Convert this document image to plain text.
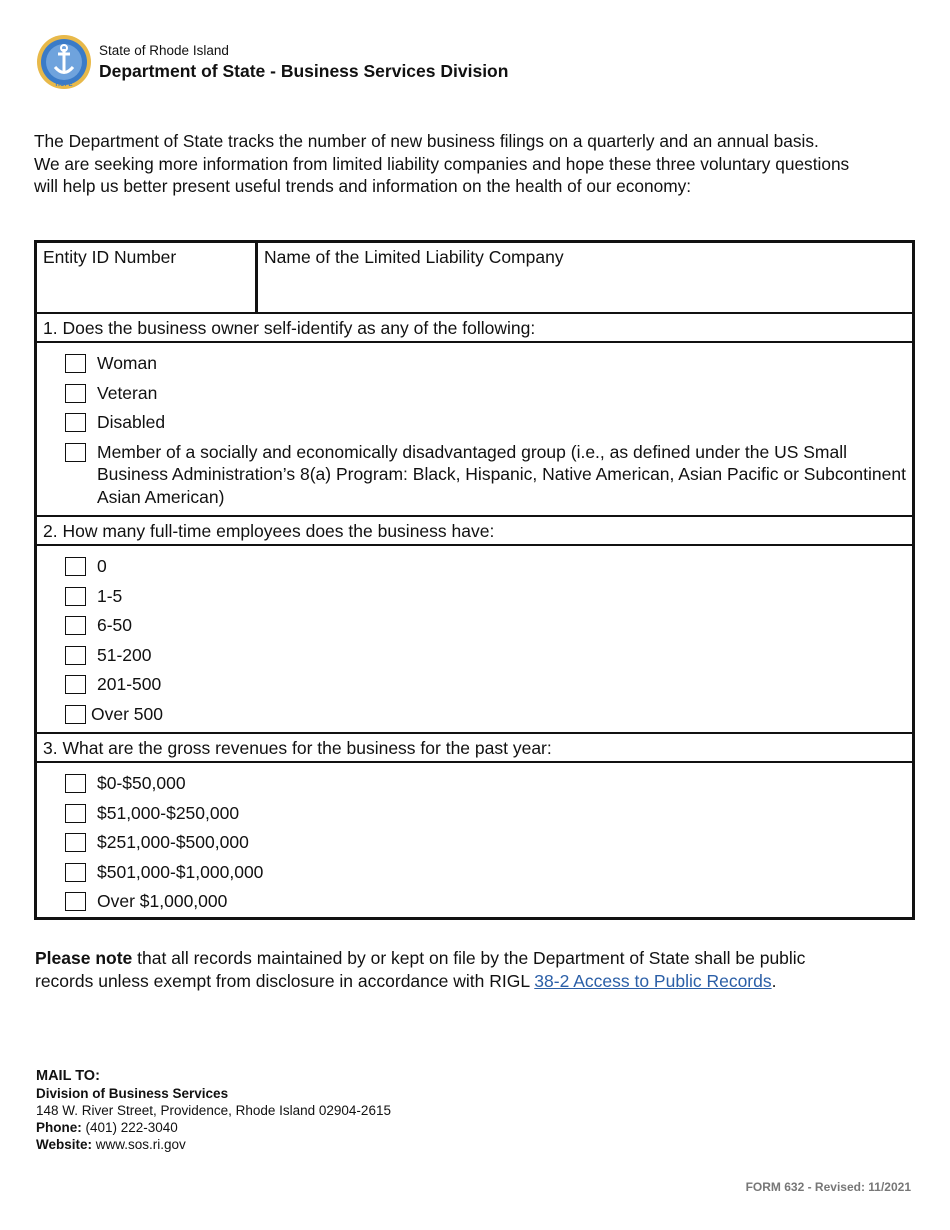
HOPE
State of Rhode Island
Department of State - Business Services Division

The Department of State tracks the number of new business filings on a quarterly and an annual basis.

We are seeking more information from limited liability companies and hope these three voluntary questions

will help us better present useful trends and information on the health of our economy:

Entity ID Number	Name of the Limited Liability Company
1. Does the business owner self-identify as any of the following:
Woman
Veteran
Disabled
Member of a socially and economically disadvantaged group (i.e., as defined under the US Small Business Administration’s 8(a) Program: Black, Hispanic, Native American, Asian Pacific or Subcontinent Asian American)
2. How many full-time employees does the business have:
0
1-5
6-50
51-200
201-500
Over 500
3. What are the gross revenues for the business for the past year:
$0-$50,000
$51,000-$250,000
$251,000-$500,000
$501,000-$1,000,000
Over $1,000,000

Please note that all records maintained by or kept on file by the Department of State shall be public

records unless exempt from disclosure in accordance with RIGL 38-2 Access to Public Records.

MAIL TO:
Division of Business Services
148 W. River Street, Providence, Rhode Island 02904-2615
Phone: (401) 222-3040
Website: www.sos.ri.gov
FORM 632 - Revised: 11/2021
